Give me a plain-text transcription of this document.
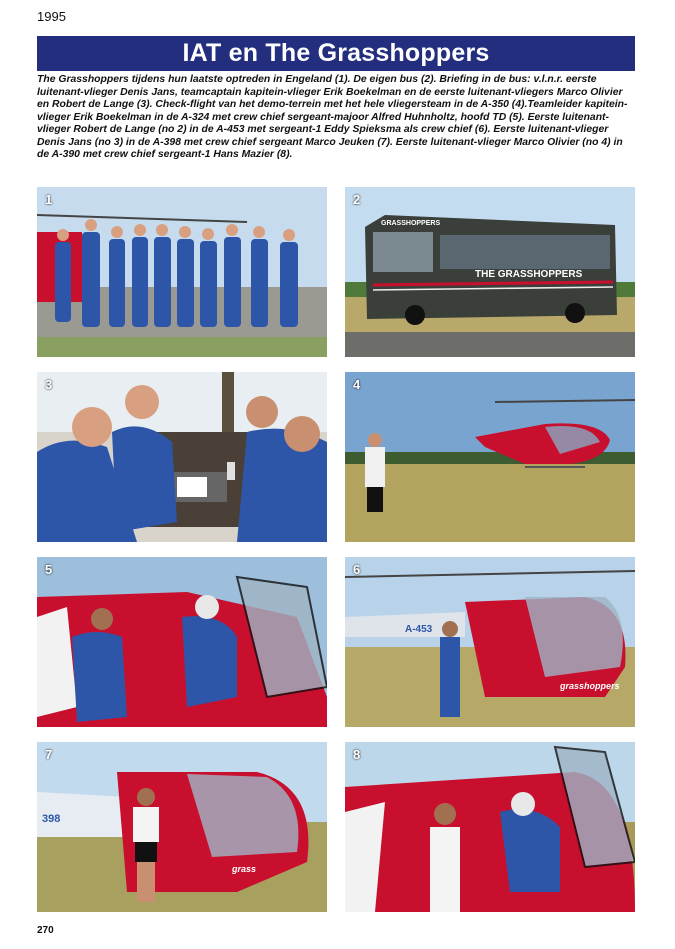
1995
IAT en The Grasshoppers
The Grasshoppers tijdens hun laatste optreden in Engeland (1). De eigen bus (2). Briefing in de bus: v.l.n.r. eerste luitenant-vlieger Denis Jans, teamcaptain kapitein-vlieger Erik Boekelman en de eerste luitenant-vliegers Marco Olivier en Robert de Lange (3). Check-flight van het demo-terrein met het hele vliegersteam in de A-350 (4).Teamleider kapitein-vlieger Erik Boekelman in de A-324 met crew chief sergeant-majoor Alfred Huhnholtz, hoofd TD (5). Eerste luitenant-vlieger Robert de Lange (no 2) in de A-453 met sergeant-1 Eddy Spieksma als crew chief (6). Eerste luitenant-vlieger Denis Jans (no 3) in de A-398 met crew chief sergeant Marco Jeuken (7). Eerste luitenant-vlieger Marco Olivier (no 4) in de A-390 met crew chief sergeant-1 Hans Mazier (8).
1
THE GRASSHOPPERS
GRASSHOPPERS
2
3	4
5
A-453
grasshoppers
6
398
grass
7	8
270
